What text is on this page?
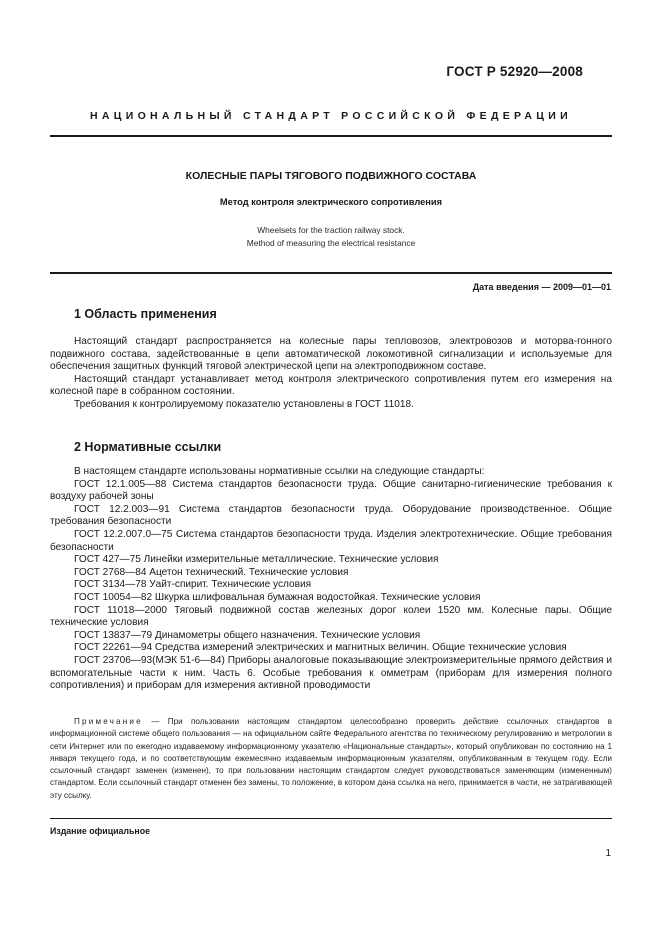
ГОСТ Р 52920—2008
НАЦИОНАЛЬНЫЙ СТАНДАРТ РОССИЙСКОЙ ФЕДЕРАЦИИ
КОЛЕСНЫЕ ПАРЫ ТЯГОВОГО ПОДВИЖНОГО СОСТАВА
Метод контроля электрического сопротивления
Wheelsets for the traction railway stock.
Method of measuring the electrical resistance
Дата введения — 2009—01—01
1 Область применения

Настоящий стандарт распространяется на колесные пары тепловозов, электровозов и моторва-гонного подвижного состава, задействованные в цепи автоматической локомотивной сигнализации и используемые для обеспечения защитных функций тяговой электрической цепи на электроподвижном составе.

Настоящий стандарт устанавливает метод контроля электрического сопротивления путем его измерения на колесной паре в собранном состоянии.

Требования к контролируемому показателю установлены в ГОСТ 11018.

2 Нормативные ссылки

В настоящем стандарте использованы нормативные ссылки на следующие стандарты:

ГОСТ 12.1.005—88 Система стандартов безопасности труда. Общие санитарно-гигиенические требования к воздуху рабочей зоны

ГОСТ 12.2.003—91 Система стандартов безопасности труда. Оборудование производственное. Общие требования безопасности

ГОСТ 12.2.007.0—75 Система стандартов безопасности труда. Изделия электротехнические. Общие требования безопасности

ГОСТ 427—75 Линейки измерительные металлические. Технические условия

ГОСТ 2768—84 Ацетон технический. Технические условия

ГОСТ 3134—78 Уайт-спирит. Технические условия

ГОСТ 10054—82 Шкурка шлифовальная бумажная водостойкая. Технические условия

ГОСТ 11018—2000 Тяговый подвижной состав железных дорог колеи 1520 мм. Колесные пары. Общие технические условия

ГОСТ 13837—79 Динамометры общего назначения. Технические условия

ГОСТ 22261—94 Средства измерений электрических и магнитных величин. Общие технические условия

ГОСТ 23706—93(МЭК 51-6—84) Приборы аналоговые показывающие электроизмерительные прямого действия и вспомогательные части к ним. Часть 6. Особые требования к омметрам (приборам для измерения полного сопротивления) и приборам для измерения активной проводимости

Примечание — При пользовании настоящим стандартом целесообразно проверить действие ссылочных стандартов в информационной системе общего пользования — на официальном сайте Федерального агентства по техническому регулированию и метрологии в сети Интернет или по ежегодно издаваемому информационному указателю «Национальные стандарты», который опубликован по состоянию на 1 января текущего года, и по соответствующим ежемесячно издаваемым информационным указателям, опубликованным в текущем году. Если ссылочный стандарт заменен (изменен), то при пользовании настоящим стандартом следует руководствоваться заменяющим (измененным) стандартом. Если ссылочный стандарт отменен без замены, то положение, в котором дана ссылка на него, принимается в части, не затрагивающей эту ссылку.

Издание официальное
1
